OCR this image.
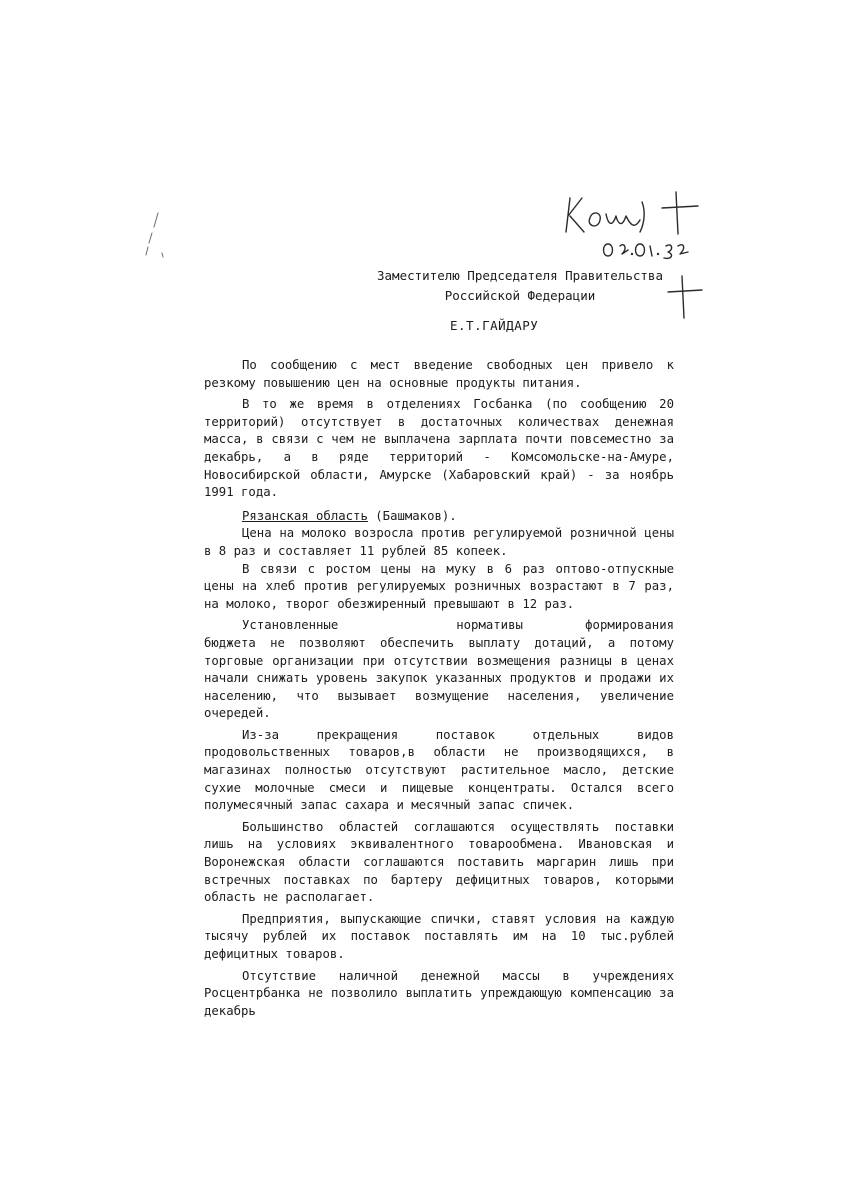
Заместителю Председателя Правительства
Российской Федерации
Е.Т.ГАЙДАРУ

По сообщению с мест введение свободных цен привело к резкому повышению цен на основные продукты питания.

В то же время в отделениях Госбанка (по сообщению 20 территорий) отсутствует в достаточных количествах денежная масса, в связи с чем не выплачена зарплата почти повсеместно за декабрь, а в ряде территорий - Комсомольске-на-Амуре, Новосибирской области, Амурске (Хабаровский край) - за ноябрь 1991 года.

Рязанская область (Башмаков).

Цена на молоко возросла против регулируемой розничной цены в 8 раз и составляет 11 рублей 85 копеек.

В связи с ростом цены на муку в 6 раз оптово-отпускные цены на хлеб против регулируемых розничных возрастают в 7 раз, на молоко, творог обезжиренный превышают в 12 раз.

Установленные	нормативы формирования бюджета не позволяют обеспечить выплату дотаций, а потому торговые организации при отсутствии возмещения разницы в ценах начали снижать уровень закупок указанных продуктов и продажи их населению, что вызывает возмущение населения, увеличение очередей.

Из-за прекращения поставок отдельных видов продовольственных товаров,в области не производящихся, в магазинах полностью отсутствуют растительное масло, детские сухие молочные смеси и пищевые концентраты. Остался всего полумесячный запас сахара и месячный запас спичек.

Большинство областей соглашаются осуществлять поставки лишь на условиях эквивалентного товарообмена. Ивановская и Воронежская области соглашаются поставить маргарин лишь при встречных поставках по бартеру дефицитных товаров, которыми область не располагает.

Предприятия, выпускающие спички, ставят условия на каждую тысячу рублей их поставок поставлять им на 10 тыс.рублей дефицитных товаров.

Отсутствие наличной денежной массы в учреждениях Росцентрбанка не позволило выплатить упреждающую компенсацию за декабрь
